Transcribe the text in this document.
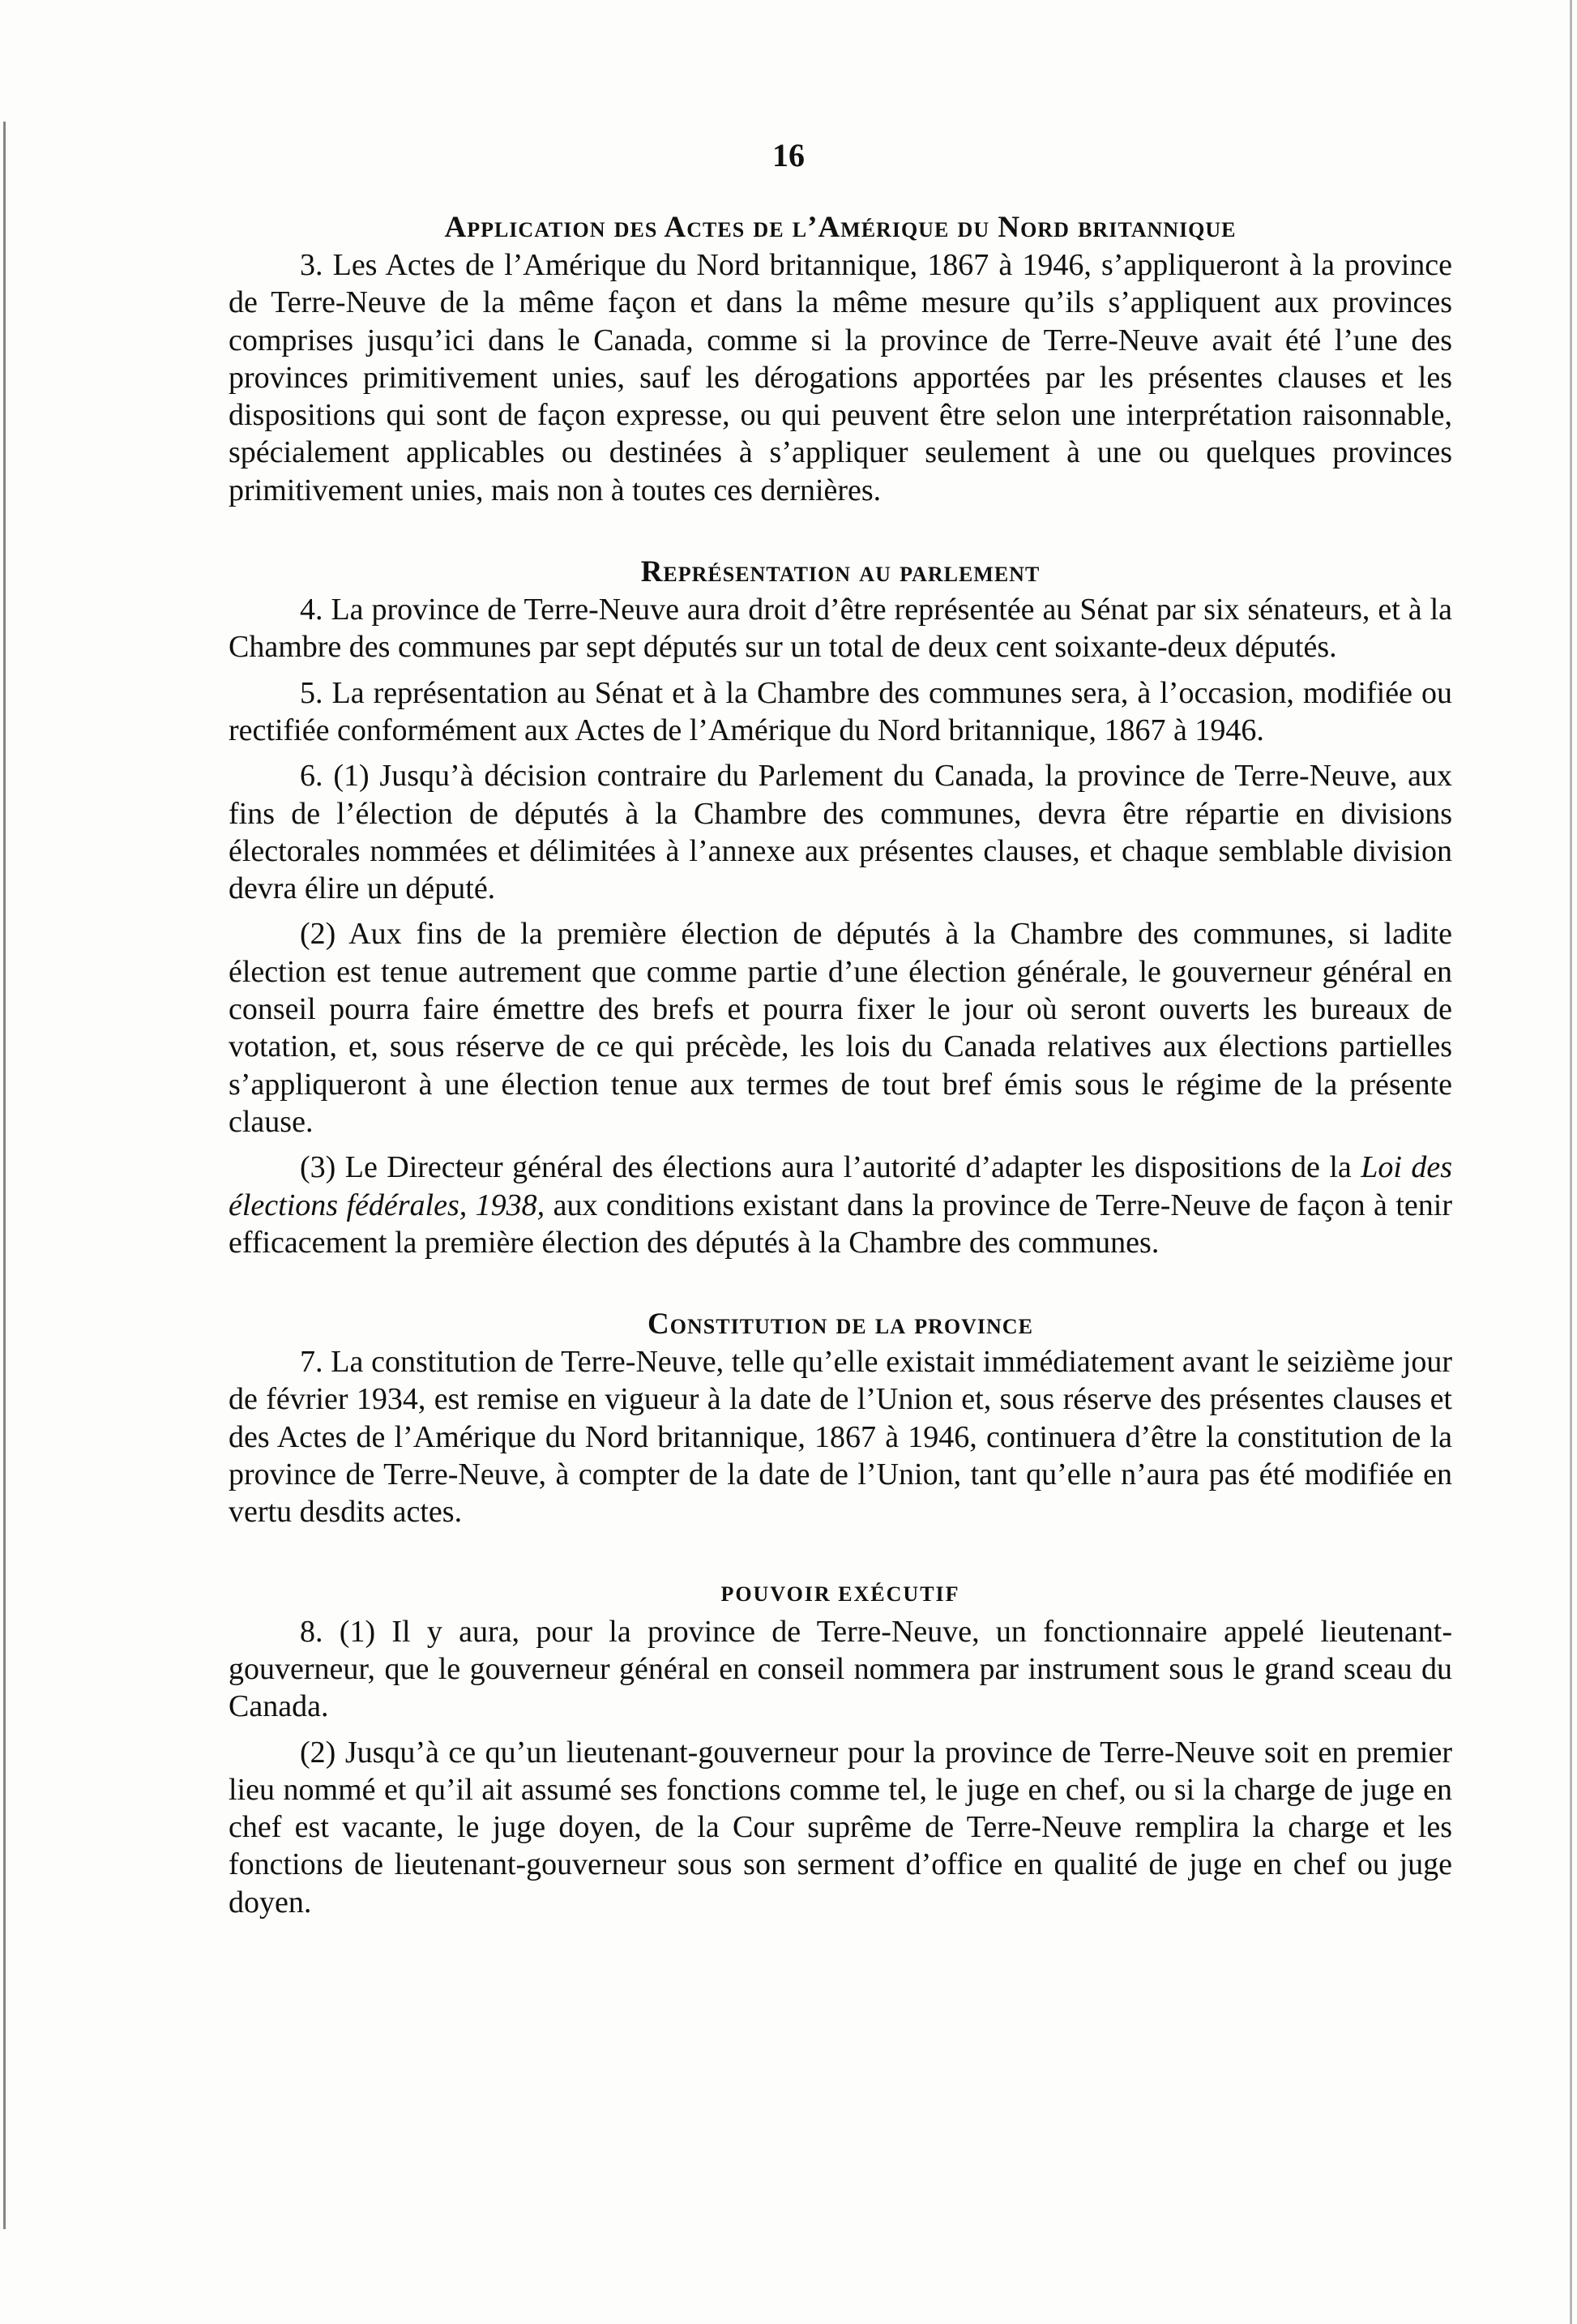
16
Application des Actes de l’Amérique du Nord britannique

3. Les Actes de l’Amérique du Nord britannique, 1867 à 1946, s’appliqueront à la province de Terre-Neuve de la même façon et dans la même mesure qu’ils s’appliquent aux provinces comprises jusqu’ici dans le Canada, comme si la province de Terre-Neuve avait été l’une des provinces primitivement unies, sauf les dérogations apportées par les présentes clauses et les dispositions qui sont de façon expresse, ou qui peuvent être selon une interprétation raisonnable, spécialement applicables ou destinées à s’appliquer seulement à une ou quelques provinces primitivement unies, mais non à toutes ces dernières.

Représentation au parlement

4. La province de Terre-Neuve aura droit d’être représentée au Sénat par six sénateurs, et à la Chambre des communes par sept députés sur un total de deux cent soixante-deux députés.

5. La représentation au Sénat et à la Chambre des communes sera, à l’occasion, modifiée ou rectifiée conformément aux Actes de l’Amérique du Nord britannique, 1867 à 1946.

6. (1) Jusqu’à décision contraire du Parlement du Canada, la province de Terre-Neuve, aux fins de l’élection de députés à la Chambre des communes, devra être répartie en divisions électorales nommées et délimitées à l’annexe aux présentes clauses, et chaque semblable division devra élire un député.

(2) Aux fins de la première élection de députés à la Chambre des communes, si ladite élection est tenue autrement que comme partie d’une élection générale, le gouverneur général en conseil pourra faire émettre des brefs et pourra fixer le jour où seront ouverts les bureaux de votation, et, sous réserve de ce qui précède, les lois du Canada relatives aux élections partielles s’appliqueront à une élection tenue aux termes de tout bref émis sous le régime de la présente clause.

(3) Le Directeur général des élections aura l’autorité d’adapter les dispositions de la Loi des élections fédérales, 1938, aux conditions existant dans la province de Terre-Neuve de façon à tenir efficacement la première élection des députés à la Chambre des communes.

Constitution de la province

7. La constitution de Terre-Neuve, telle qu’elle existait immédiatement avant le seizième jour de février 1934, est remise en vigueur à la date de l’Union et, sous réserve des présentes clauses et des Actes de l’Amérique du Nord britannique, 1867 à 1946, continuera d’être la constitution de la province de Terre-Neuve, à compter de la date de l’Union, tant qu’elle n’aura pas été modifiée en vertu desdits actes.

POUVOIR EXÉCUTIF

8. (1) Il y aura, pour la province de Terre-Neuve, un fonctionnaire appelé lieutenant-gouverneur, que le gouverneur général en conseil nommera par instrument sous le grand sceau du Canada.

(2) Jusqu’à ce qu’un lieutenant-gouverneur pour la province de Terre-Neuve soit en premier lieu nommé et qu’il ait assumé ses fonctions comme tel, le juge en chef, ou si la charge de juge en chef est vacante, le juge doyen, de la Cour suprême de Terre-Neuve remplira la charge et les fonctions de lieutenant-gouverneur sous son serment d’office en qualité de juge en chef ou juge doyen.
